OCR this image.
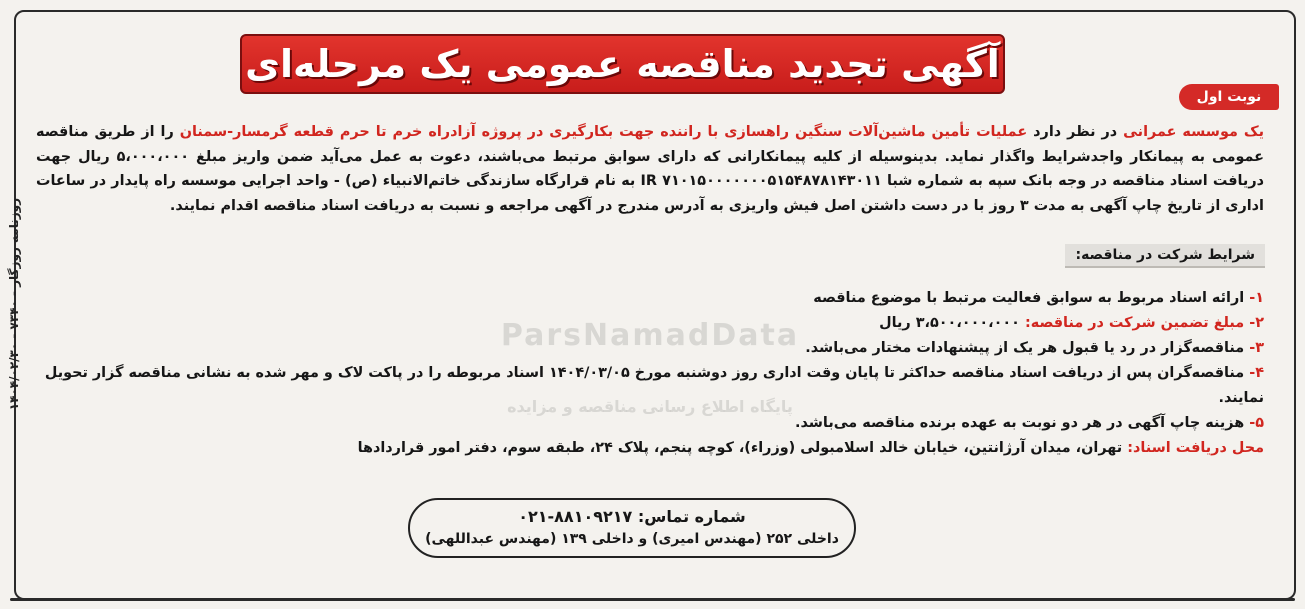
روزنامه روزگار - ۷۳۴۰ - ۱۴۰۴/۰۲/۳۰
آگهی تجدید مناقصه عمومی یک مرحله‌ای
نوبت اول
ParsNamadData
پایگاه اطلاع رسانی مناقصه و مزایده
یک موسسه عمرانی در نظر دارد عملیات تأمین ماشین‌آلات سنگین راهسازی با راننده جهت بکارگیری در پروژه آزادراه خرم تا حرم قطعه گرمسار-سمنان را از طریق مناقصه عمومی به پیمانکار واجدشرایط واگذار نماید. بدینوسیله از کلیه پیمانکارانی که دارای سوابق مرتبط می‌باشند، دعوت به عمل می‌آید ضمن واریز مبلغ ۵،۰۰۰،۰۰۰ ریال جهت دریافت اسناد مناقصه در وجه بانک سپه به شماره شبا IR ۷۱۰۱۵۰۰۰۰۰۰۰۵۱۵۴۸۷۸۱۴۳۰۱۱ به نام قرارگاه سازندگی خاتم‌الانبیاء (ص) - واحد اجرایی موسسه راه پایدار در ساعات اداری از تاریخ چاپ آگهی به مدت ۳ روز با در دست داشتن اصل فیش واریزی به آدرس مندرج در آگهی مراجعه و نسبت به دریافت اسناد مناقصه اقدام نمایند.
شرایط شرکت در مناقصه:
۱- ارائه اسناد مربوط به سوابق فعالیت مرتبط با موضوع مناقصه
۲- مبلغ تضمین شرکت در مناقصه: ۳،۵۰۰،۰۰۰،۰۰۰ ریال
۳- مناقصه‌گزار در رد یا قبول هر یک از پیشنهادات مختار می‌باشد.
۴- مناقصه‌گران پس از دریافت اسناد مناقصه حداکثر تا پایان وقت اداری روز دوشنبه مورخ ۱۴۰۴/۰۳/۰۵ اسناد مربوطه را در پاکت لاک و مهر شده به نشانی مناقصه گزار تحویل نمایند.
۵- هزینه چاپ آگهی در هر دو نوبت به عهده برنده مناقصه می‌باشد.
محل دریافت اسناد: تهران، میدان آرژانتین، خیابان خالد اسلامبولی (وزراء)، کوچه پنجم، پلاک ۲۴، طبقه سوم، دفتر امور قراردادها
شماره تماس: ۸۸۱۰۹۲۱۷-۰۲۱
داخلی ۲۵۲ (مهندس امیری) و داخلی ۱۳۹ (مهندس عبداللهی)
